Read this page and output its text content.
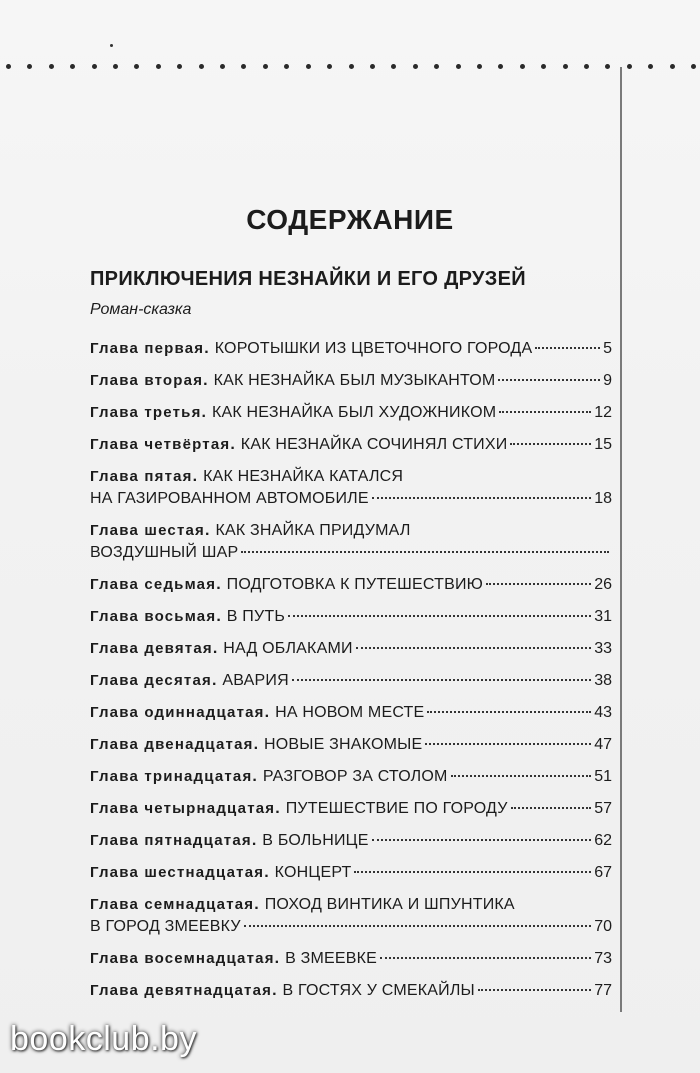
СОДЕРЖАНИЕ
ПРИКЛЮЧЕНИЯ НЕЗНАЙКИ И ЕГО ДРУЗЕЙ
Роман-сказка
Глава первая . КОРОТЫШКИ ИЗ ЦВЕТОЧНОГО ГОРОДА	5
Глава вторая . КАК НЕЗНАЙКА БЫЛ МУЗЫКАНТОМ	9
Глава третья . КАК НЕЗНАЙКА БЫЛ ХУДОЖНИКОМ	12
Глава четвёртая . КАК НЕЗНАЙКА СОЧИНЯЛ СТИХИ	15
Глава пятая . КАК НЕЗНАЙКА КАТАЛСЯ
НА ГАЗИРОВАННОМ АВТОМОБИЛЕ	18
Глава шестая . КАК ЗНАЙКА ПРИДУМАЛ
ВОЗДУШНЫЙ ШАР
Глава седьмая . ПОДГОТОВКА К ПУТЕШЕСТВИЮ	26
Глава восьмая . В ПУТЬ	31
Глава девятая . НАД ОБЛАКАМИ	33
Глава десятая . АВАРИЯ	38
Глава одиннадцатая . НА НОВОМ МЕСТЕ	43
Глава двенадцатая . НОВЫЕ ЗНАКОМЫЕ	47
Глава тринадцатая . РАЗГОВОР ЗА СТОЛОМ	51
Глава четырнадцатая . ПУТЕШЕСТВИЕ ПО ГОРОДУ	57
Глава пятнадцатая . В БОЛЬНИЦЕ	62
Глава шестнадцатая . КОНЦЕРТ	67
Глава семнадцатая . ПОХОД ВИНТИКА И ШПУНТИКА
В ГОРОД ЗМЕЕВКУ	70
Глава восемнадцатая . В ЗМЕЕВКЕ	73
Глава девятнадцатая . В ГОСТЯХ У СМЕКАЙЛЫ	77
bookclub.by
